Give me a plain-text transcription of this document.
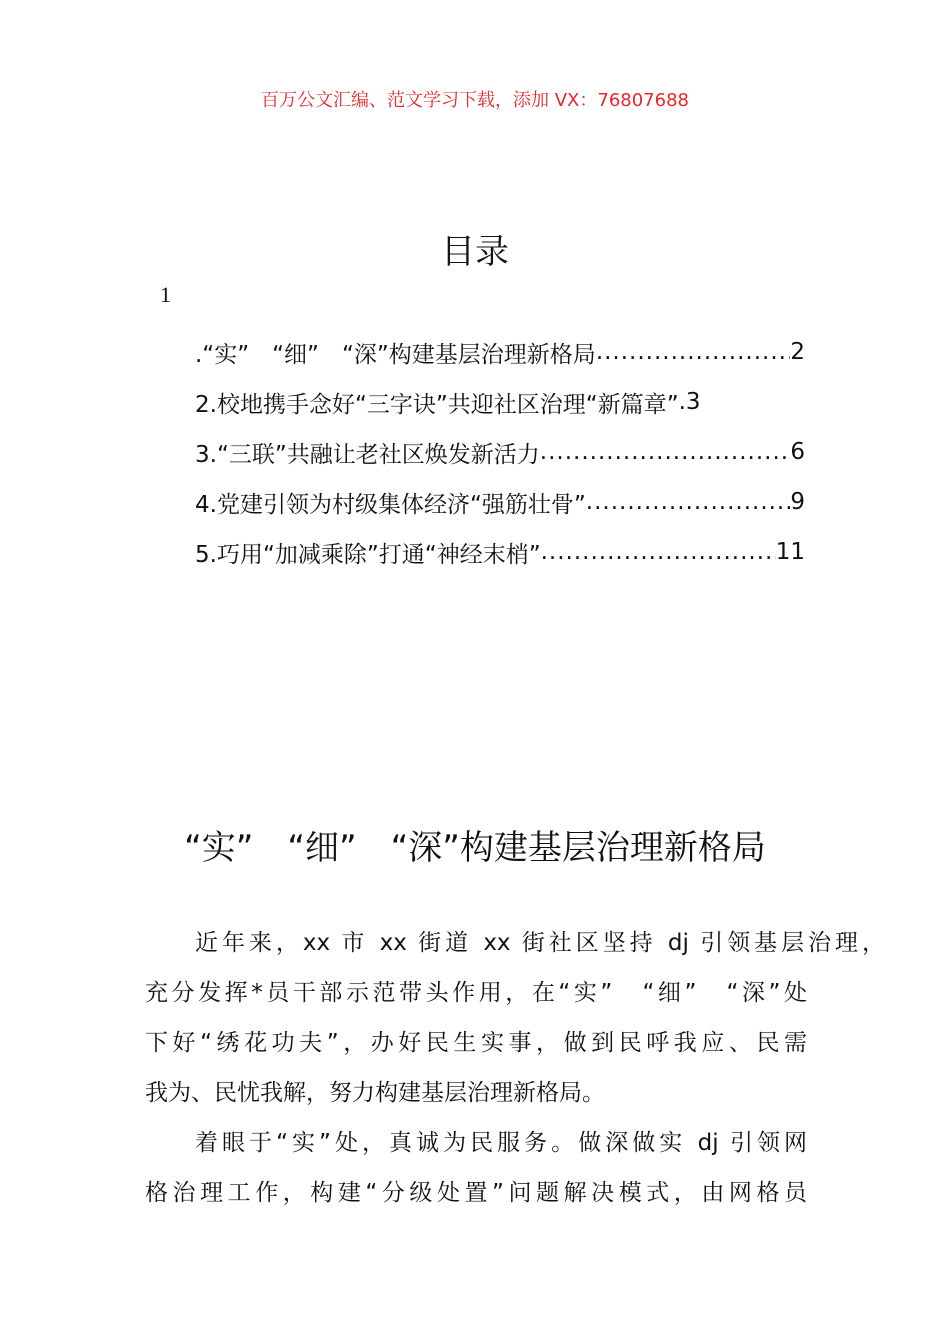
百万公文汇编、范文学习下载，添加 VX：76807688
目录
1
.“实”　“细”　“深”构建基层治理新格局 .....	2
2.校地携手念好“三字诀”共迎社区治理“新篇章” .3
3.“三联”共融让老社区焕发新活力 .....	6
4.党建引领为村级集体经济“强筋壮骨” .....	9
5.巧用“加减乘除”打通“神经末梢” .....	11
“实”　“细”　“深”构建基层治理新格局
近年来，xx 市 xx 街道 xx 街社区坚持 dj 引领基层治理，
充分发挥*员干部示范带头作用，在“实”　“细”　“深”处
下好“绣花功夫”，办好民生实事，做到民呼我应、民需
我为、民忧我解，努力构建基层治理新格局。
着眼于“实”处，真诚为民服务。做深做实 dj 引领网
格治理工作，构建“分级处置”问题解决模式，由网格员
